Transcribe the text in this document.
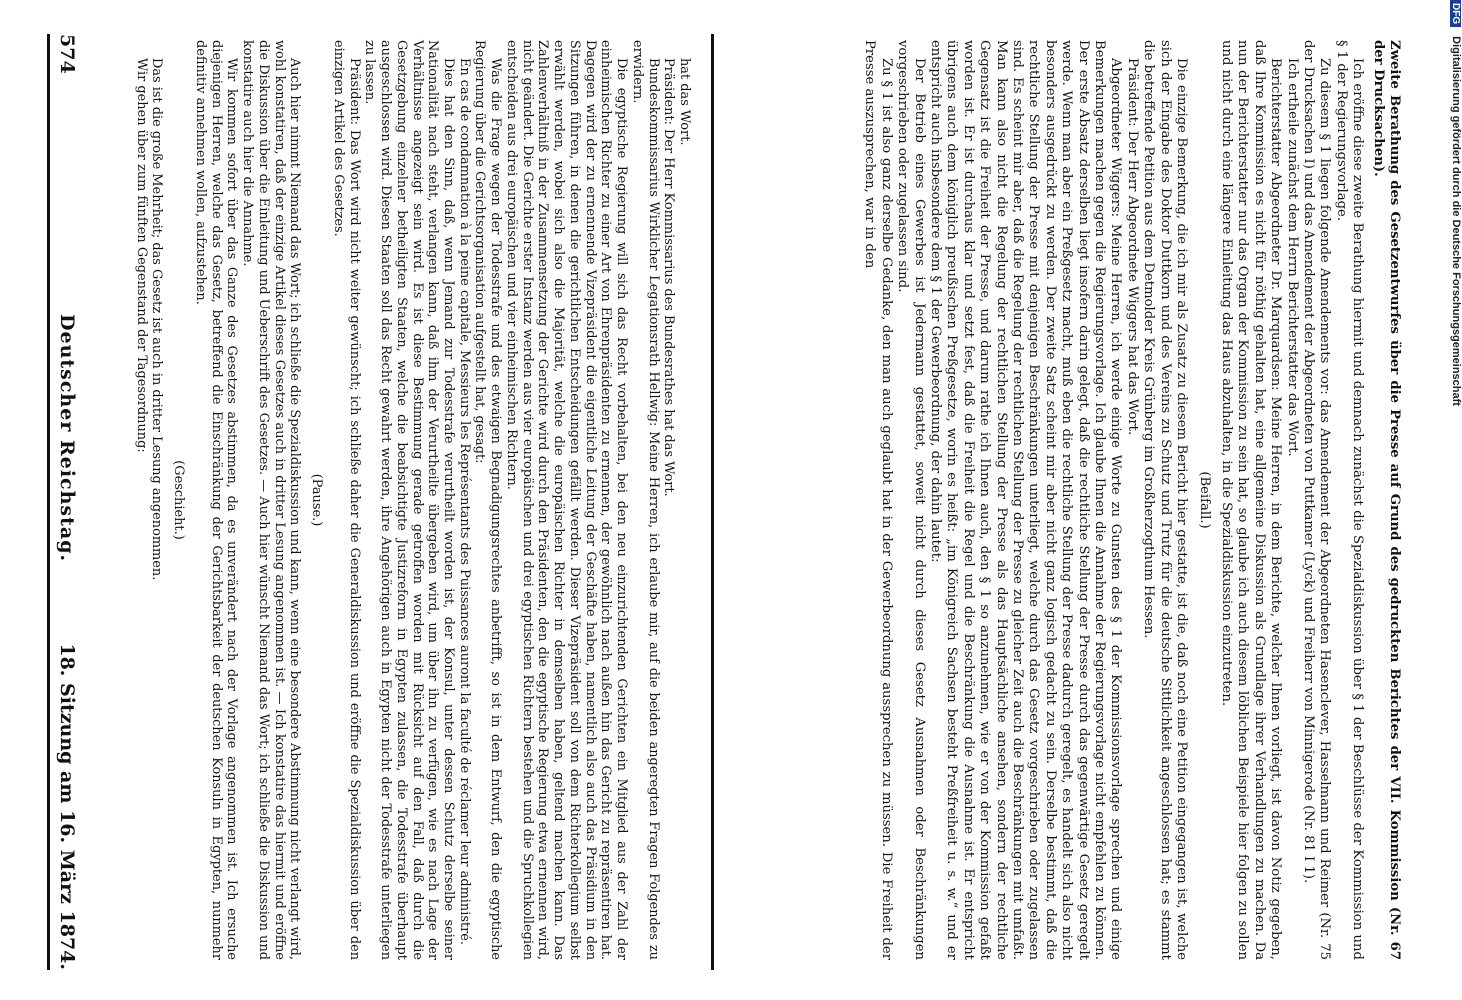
574
Deutscher Reichstag.
18. Sitzung am 16. März 1874.

hat das Wort.

Präsident: Der Herr Kommissarius des Bundesrathes hat das Wort.

Bundeskommissarius Wirklicher Legationsrath Hellwig: Meine Herren, ich erlaube mir, auf die beiden angeregten Fragen Folgendes zu erwidern.

Die egyptische Regierung will sich das Recht vorbehalten, bei den neu einzurichtenden Gerichten ein Mitglied aus der Zahl der einheimischen Richter zu einer Art von Ehrenpräsidenten zu ernennen, der gewöhnlich nach außen hin das Gericht zu repräsentiren hat. Dagegen wird der zu ernennende Vizepräsident die eigentliche Leitung der Geschäfte haben, namentlich also auch das Präsidium in den Sitzungen führen, in denen die gerichtlichen Entscheidungen gefällt werden. Dieser Vizepräsident soll von dem Richterkollegium selbst erwählt werden, wobei sich also die Majorität, welche die europäischen Richter in demselben haben, geltend machen kann. Das Zahlenverhältniß in der Zusammensetzung der Gerichte wird durch den Präsidenten, den die egyptische Regierung etwa ernennen wird, nicht geändert. Die Gerichte erster Instanz werden aus vier europäischen und drei egyptischen Richtern bestehen und die Spruchkollegien entscheiden aus drei europäischen und vier einheimischen Richtern.

Was die Frage wegen der Todesstrafe und des etwaigen Begnadigungsrechtes anbetrifft, so ist in dem Entwurf, den die egyptische Regierung über die Gerichtsorganisation aufgestellt hat, gesagt:

En cas de condamnation à la peine capitale, Messieurs les Représentants des Puissances auront la faculté de réclamer leur administré.

Dies hat den Sinn, daß, wenn Jemand zur Todesstrafe verurtheilt worden ist, der Konsul, unter dessen Schutz derselbe seiner Nationalität nach steht, verlangen kann, daß ihm der Verurtheilte übergeben wird, um über ihn zu verfügen, wie es nach Lage der Verhältnisse angezeigt sein wird. Es ist diese Bestimmung gerade getroffen worden mit Rücksicht auf den Fall, daß durch die Gesetzgebung einzelner betheiligten Staaten, welche die beabsichtigte Justizreform in Egypten zulassen, die Todesstrafe überhaupt ausgeschlossen wird. Diesen Staaten soll das Recht gewahrt werden, ihre Angehörigen auch in Egypten nicht der Todesstrafe unterliegen zu lassen.

Präsident: Das Wort wird nicht weiter gewünscht; ich schließe daher die Generaldiskussion und eröffne die Spezialdiskussion über den einzigen Artikel des Gesetzes.

(Pause.)

Auch hier nimmt Niemand das Wort; ich schließe die Spezialdiskussion und kann, wenn eine besondere Abstimmung nicht verlangt wird, wohl konstatiren, daß der einzige Artikel dieses Gesetzes auch in dritter Lesung angenommen ist. — Ich konstatire das hiermit und eröffne die Diskussion über die Einleitung und Ueberschrift des Gesetzes. — Auch hier wünscht Niemand das Wort; ich schließe die Diskussion und konstatire auch hier die Annahme.

Wir kommen sofort über das Ganze des Gesetzes abstimmen, da es unverändert nach der Vorlage angenommen ist. Ich ersuche diejenigen Herren, welche das Gesetz, betreffend die Einschränkung der Gerichtsbarkeit der deutschen Konsuln in Egypten, nunmehr definitiv annehmen wollen, aufzustehen.

(Geschieht.)

Das ist die große Mehrheit; das Gesetz ist auch in dritter Lesung angenommen.

Wir gehen über zum fünften Gegenstand der Tagesordnung:	Zweite Berathung des Gesetzentwurfes über die Presse auf Grund des gedruckten Berichtes der VII. Kommission (Nr. 67 der Drucksachen).

Ich eröffne diese zweite Berathung hiermit und demnach zunächst die Spezialdiskussion über § 1 der Beschlüsse der Kommission und § 1 der Regierungsvorlage.

Zu diesem § 1 liegen folgende Amendements vor: das Amendement der Abgeordneten Hasenclever, Hasselmann und Reimer (Nr. 75 der Drucksachen I) und das Amendement der Abgeordneten von Puttkamer (Lyck) und Freiherr von Minnigerode (Nr. 81 I 1).

Ich ertheile zunächst dem Herrn Berichterstatter das Wort.

Berichterstatter Abgeordneter Dr. Marquardsen: Meine Herren, in dem Berichte, welcher Ihnen vorliegt, ist davon Notiz gegeben, daß Ihre Kommission es nicht für nöthig gehalten hat, eine allgemeine Diskussion als Grundlage ihrer Verhandlungen zu machen. Da nun der Berichterstatter nur das Organ der Kommission zu sein hat, so glaube ich auch diesem löblichen Beispiele hier folgen zu sollen und nicht durch eine längere Einleitung das Haus abzuhalten, in die Spezialdiskussion einzutreten.

(Beifall.)

Die einzige Bemerkung, die ich mir als Zusatz zu diesem Bericht hier gestatte, ist die, daß noch eine Petition eingegangen ist, welche sich der Eingabe des Doktor Duttkorn und des Vereins zu Schutz und Trutz für die deutsche Sittlichkeit angeschlossen hat; es stammt die betreffende Petition aus dem Detmolder Kreis Grünberg im Großherzogthum Hessen.

Präsident: Der Herr Abgeordnete Wiggers hat das Wort.

Abgeordneter Wiggers: Meine Herren, ich werde einige Worte zu Gunsten des § 1 der Kommissionsvorlage sprechen und einige Bemerkungen machen gegen die Regierungsvorlage. Ich glaube Ihnen die Annahme der Regierungsvorlage nicht empfehlen zu können. Der erste Absatz derselben liegt insofern darin gelegt, daß die rechtliche Stellung der Presse durch das gegenwärtige Gesetz geregelt werde. Wenn man aber ein Preßgesetz macht, muß eben die rechtliche Stellung der Presse dadurch geregelt, es handelt sich also nicht besonders ausgedrückt zu werden. Der zweite Satz scheint mir aber nicht ganz logisch gedacht zu sein. Derselbe bestimmt, daß die rechtliche Stellung der Presse mit denjenigen Beschränkungen unterliegt, welche durch das Gesetz vorgeschrieben oder zugelassen sind. Es scheint mir aber, daß die Regelung der rechtlichen Stellung der Presse zu gleicher Zeit auch die Beschränkungen mit umfaßt. Man kann also nicht die Regelung der rechtlichen Stellung der Presse als das Hauptsächliche ansehen, sondern der rechtliche Gegensatz ist die Freiheit der Presse, und darum rathe ich Ihnen auch, den § 1 so anzunehmen, wie er von der Kommission gefaßt worden ist. Er ist durchaus klar und setzt fest, daß die Freiheit die Regel und die Beschränkung die Ausnahme ist. Er entspricht übrigens auch dem königlich preußischen Preßgesetze, worin es heißt: „im Königreich Sachsen besteht Preßfreiheit u. s. w.“ und er entspricht auch insbesondere dem § 1 der Gewerbeordnung, der dahin lautet:

Der Betrieb eines Gewerbes ist Jedermann gestattet, soweit nicht durch dieses Gesetz Ausnahmen oder Beschränkungen vorgeschrieben oder zugelassen sind.

Zu § 1 ist also ganz derselbe Gedanke, den man auch geglaubt hat in der Gewerbeordnung aussprechen zu müssen. Die Freiheit der Presse auszusprechen, war in den

DFG Digitalisierung gefördert durch die Deutsche Forschungsgemeinschaft
